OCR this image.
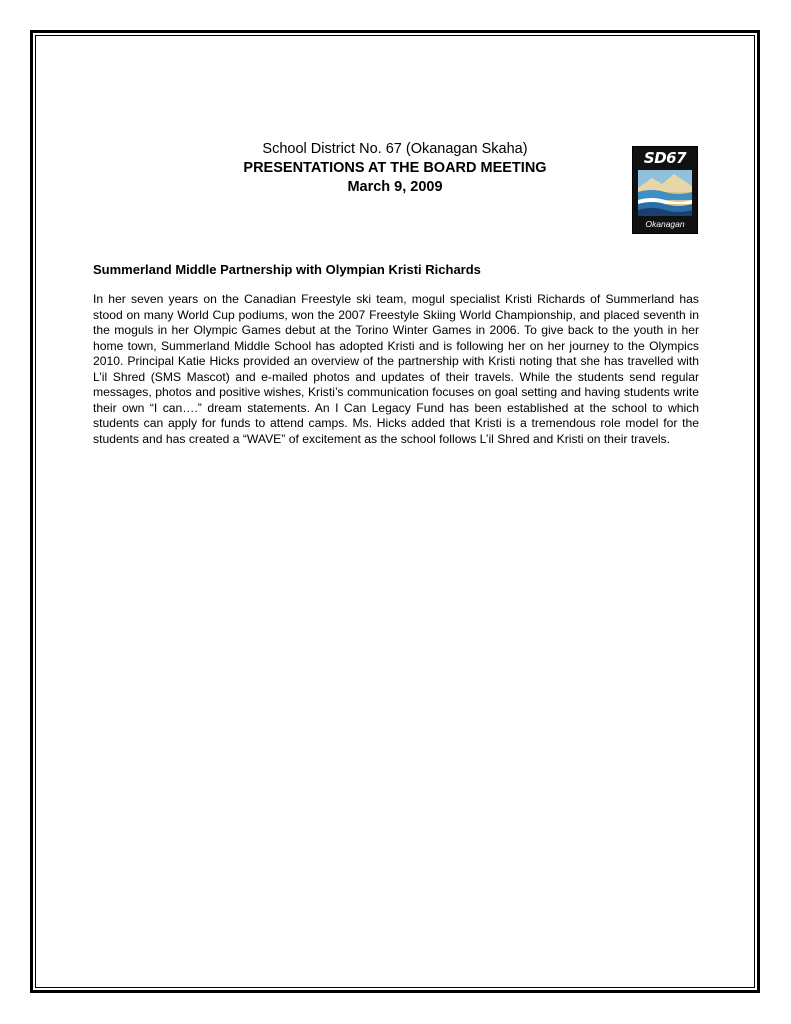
School District No. 67 (Okanagan Skaha)
PRESENTATIONS AT THE BOARD MEETING
March 9, 2009
SD67
Okanagan Skaha
Summerland Middle Partnership with Olympian Kristi Richards

In her seven years on the Canadian Freestyle ski team, mogul specialist Kristi Richards of Summerland has stood on many World Cup podiums, won the 2007 Freestyle Skiing World Championship, and placed seventh in the moguls in her Olympic Games debut at the Torino Winter Games in 2006. To give back to the youth in her home town, Summerland Middle School has adopted Kristi and is following her on her journey to the Olympics 2010. Principal Katie Hicks provided an overview of the partnership with Kristi noting that she has travelled with L’il Shred (SMS Mascot) and e-mailed photos and updates of their travels. While the students send regular messages, photos and positive wishes, Kristi’s communication focuses on goal setting and having students write their own “I can….” dream statements. An I Can Legacy Fund has been established at the school to which students can apply for funds to attend camps. Ms. Hicks added that Kristi is a tremendous role model for the students and has created a “WAVE” of excitement as the school follows L’il Shred and Kristi on their travels.
